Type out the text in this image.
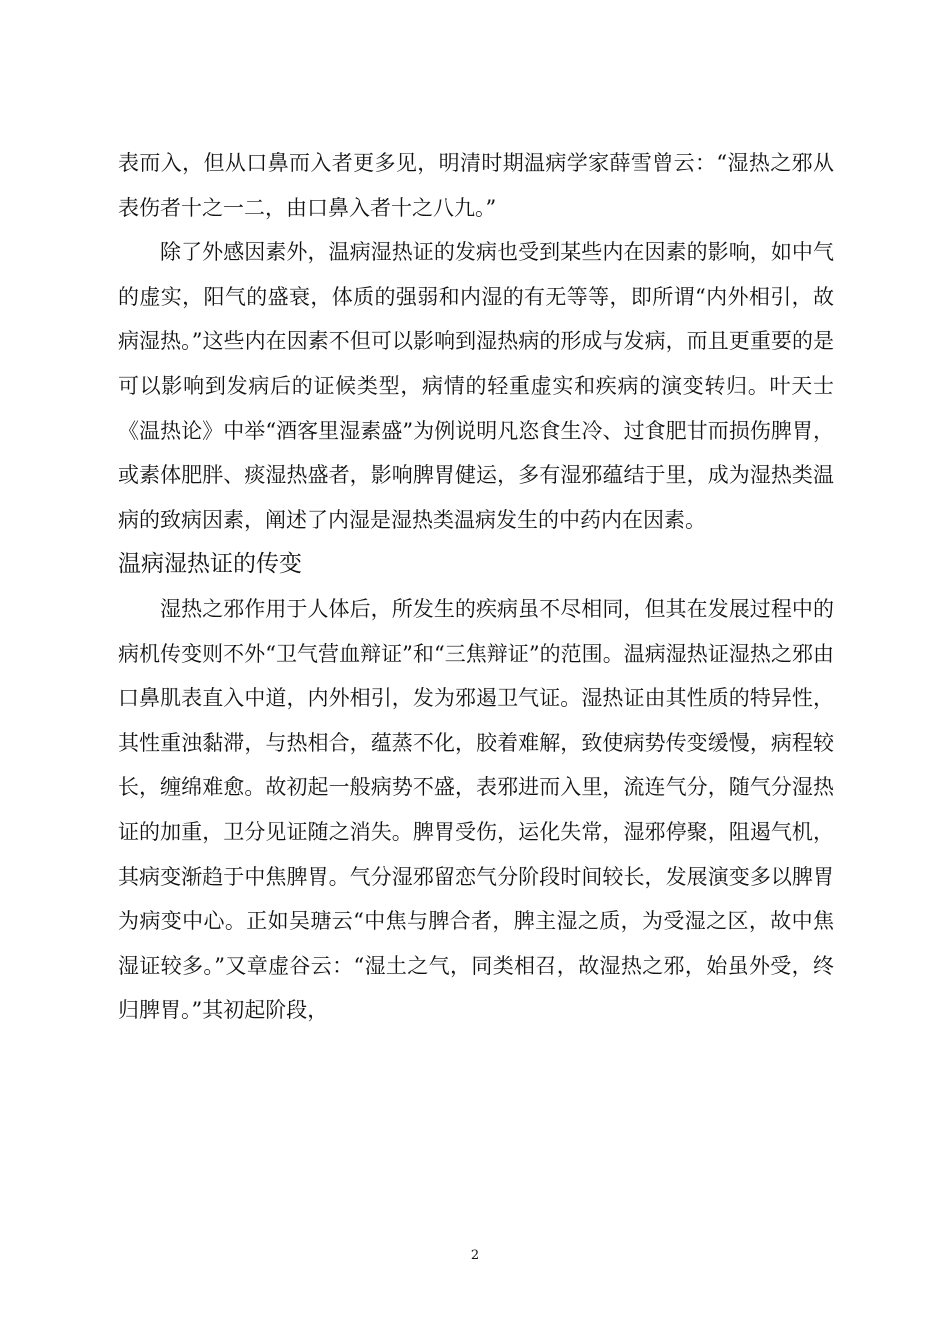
表而入，但从口鼻而入者更多见，明清时期温病学家薛雪曾云：“湿热之邪从表伤者十之一二，由口鼻入者十之八九。”

除了外感因素外，温病湿热证的发病也受到某些内在因素的影响，如中气的虚实，阳气的盛衰，体质的强弱和内湿的有无等等，即所谓“内外相引，故病湿热。”这些内在因素不但可以影响到湿热病的形成与发病，而且更重要的是可以影响到发病后的证候类型，病情的轻重虚实和疾病的演变转归。叶天士《温热论》中举“酒客里湿素盛”为例说明凡恣食生冷、过食肥甘而损伤脾胃，或素体肥胖、痰湿热盛者，影响脾胃健运，多有湿邪蕴结于里，成为湿热类温病的致病因素，阐述了内湿是湿热类温病发生的中药内在因素。

温病湿热证的传变

湿热之邪作用于人体后，所发生的疾病虽不尽相同，但其在发展过程中的病机传变则不外“卫气营血辩证”和“三焦辩证”的范围。温病湿热证湿热之邪由口鼻肌表直入中道，内外相引，发为邪遏卫气证。湿热证由其性质的特异性，其性重浊黏滞，与热相合，蕴蒸不化，胶着难解，致使病势传变缓慢，病程较长，缠绵难愈。故初起一般病势不盛，表邪进而入里，流连气分，随气分湿热证的加重，卫分见证随之消失。脾胃受伤，运化失常，湿邪停聚，阻遏气机，其病变渐趋于中焦脾胃。气分湿邪留恋气分阶段时间较长，发展演变多以脾胃为病变中心。正如吴瑭云“中焦与脾合者，脾主湿之质，为受湿之区，故中焦湿证较多。”又章虚谷云：“湿土之气，同类相召，故湿热之邪，始虽外受，终归脾胃。”其初起阶段，

2
